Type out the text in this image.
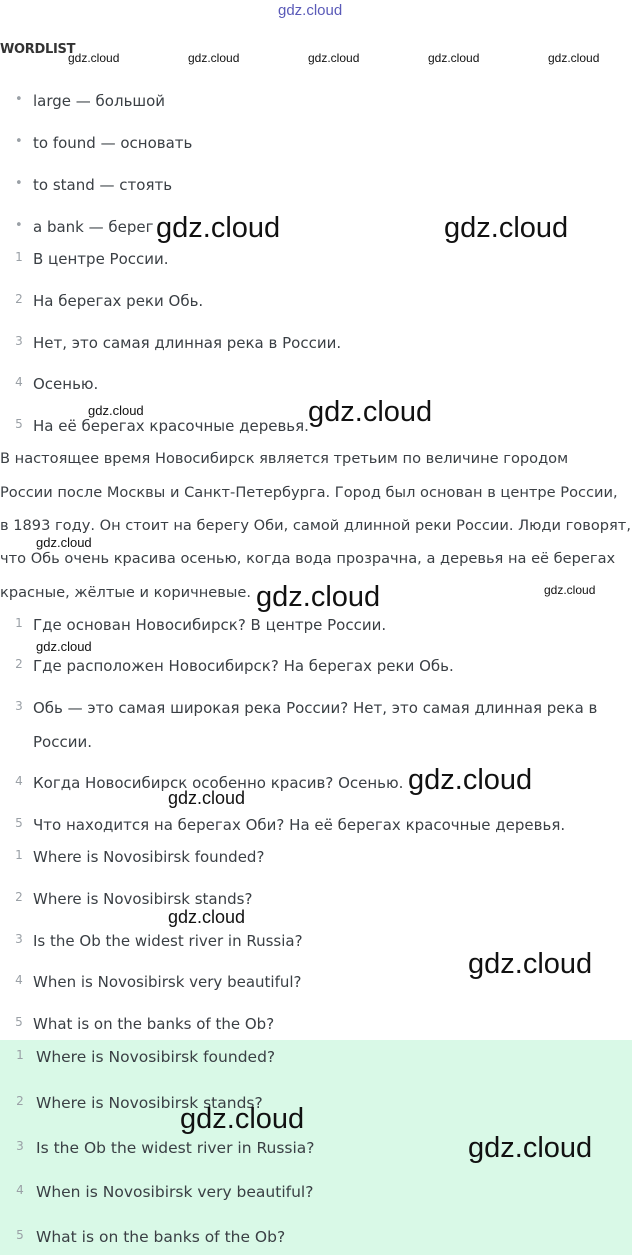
gdz.cloud
WORDLIST
gdz.cloud	gdz.cloud	gdz.cloud	gdz.cloud	gdz.cloud
• large — большой
• to found — основать
• to stand — стоять
• a bank — берег gdz.cloud	gdz.cloud
1 В центре России.
2 На берегах реки Обь.
3 Нет, это самая длинная река в России.
4 Осенью.
5 На её берегах красочные деревья.
gdz.cloud	gdz.cloud
В настоящее время Новосибирск является третьим по величине городом
России после Москвы и Санкт-Петербурга. Город был основан в центре России,
в 1893 году. Он стоит на берегу Оби, самой длинной реки России. Люди говорят,
что Обь очень красива осенью, когда вода прозрачна, а деревья на её берегах
красные, жёлтые и коричневые.
gdz.cloud
gdz.cloud	gdz.cloud
1 Где основан Новосибирск? В центре России.
gdz.cloud
2 Где расположен Новосибирск? На берегах реки Обь.
3 Обь — это самая широкая река России? Нет, это самая длинная река в
России.
4 Когда Новосибирск особенно красив? Осенью. gdz.cloud
gdz.cloud
5 Что находится на берегах Оби? На её берегах красочные деревья.
1 Where is Novosibirsk founded?
2 Where is Novosibirsk stands?
gdz.cloud
3 Is the Ob the widest river in Russia?
gdz.cloud
4 When is Novosibirsk very beautiful?
5 What is on the banks of the Ob?
1 Where is Novosibirsk founded?
2 Where is Novosibirsk stands?
3 Is the Ob the widest river in Russia?
4 When is Novosibirsk very beautiful?
5 What is on the banks of the Ob?
gdz.cloud
gdz.cloud
